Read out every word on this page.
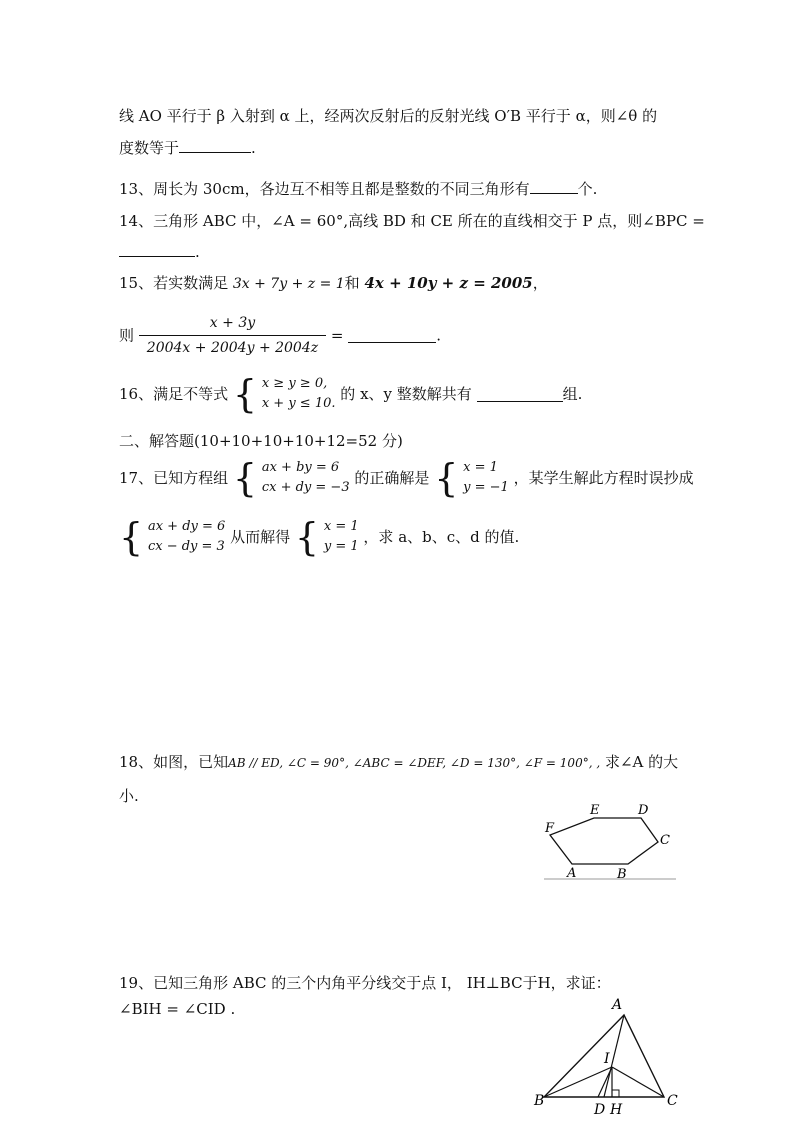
线 AO 平行于 β 入射到 α 上，经两次反射后的反射光线 O′B 平行于 α，则∠θ 的
度数等于	.
13、周长为 30cm，各边互不相等且都是整数的不同三角形有	个.
14、三角形 ABC 中，∠A = 60°,高线 BD 和 CE 所在的直线相交于 P 点，则∠BPC =
.
15、若实数满足 3x + 7y + z = 1和 4x + 10y + z = 2005，
则 $\frac{x + 3y}{2004x + 2004y + 2004z}$ =	.
16、满足不等式 { x ≥ y ≥ 0,
x + y ≤ 10.
的 x、y 整数解共有	组.
二、解答题(10+10+10+10+12=52 分)
17、已知方程组 { ax + by = 6
cx + dy = −3
的正确解是 { x = 1
y = −1
，某学生解此方程时误抄成
{ ax + dy = 6
cx − dy = 3
从而解得 { x = 1
y = 1
，求 a、b、c、d 的值.
18、如图，已知AB // ED, ∠C = 90°, ∠ABC = ∠DEF, ∠D = 130°, ∠F = 100°, , 求∠A 的大
小.
E	D
F
C
A	B
19、已知三角形 ABC 的三个内角平分线交于点 I， IH⊥BC于H，求证：
∠BIH = ∠CID .	A
I
B	C
D H
